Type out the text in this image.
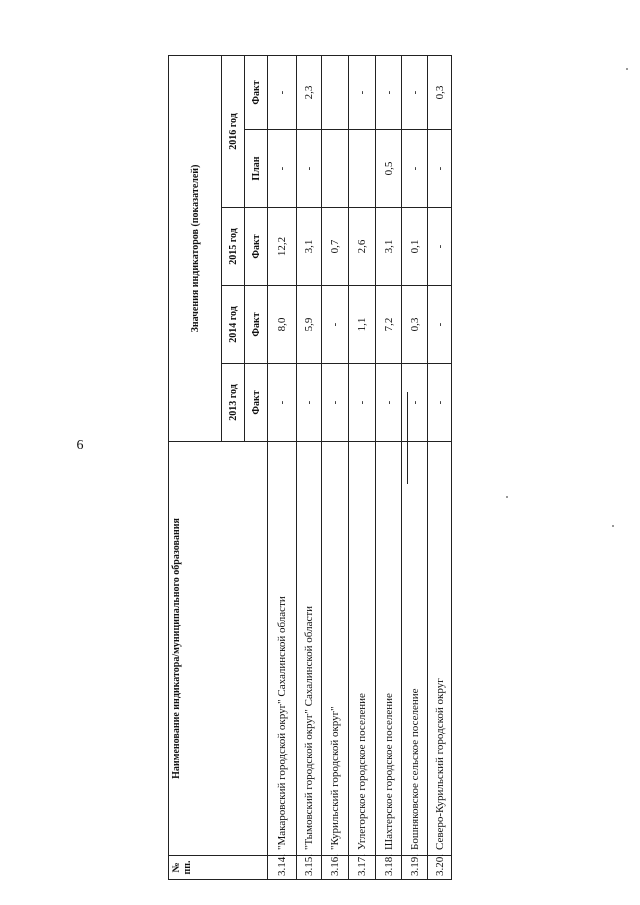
6
№ пп.	Наименование индикатора/муниципального образования	Значения индикаторов (показателей)				
		2013 год	2014 год	2015 год	2016 год	
		Факт	Факт	Факт	План	Факт
3.14.	"Макаровский городской округ" Сахалинской области	-	8,0	12,2	-	-
3.15.	"Тымовский городской округ" Сахалинской области	-	5,9	3,1	-	2,3
3.16.	"Курильский городской округ"	-	-	0,7		
3.17.	Углегорское городское поселение	-	1,1	2,6		-
3.18.	Шахтерское городское поселение	-	7,2	3,1	0,5	-
3.19.	Бошняковское сельское поселение	-	0,3	0,1	-	-
3.20.	Северо-Курильский городской округ	-	-	-	-	0,3
